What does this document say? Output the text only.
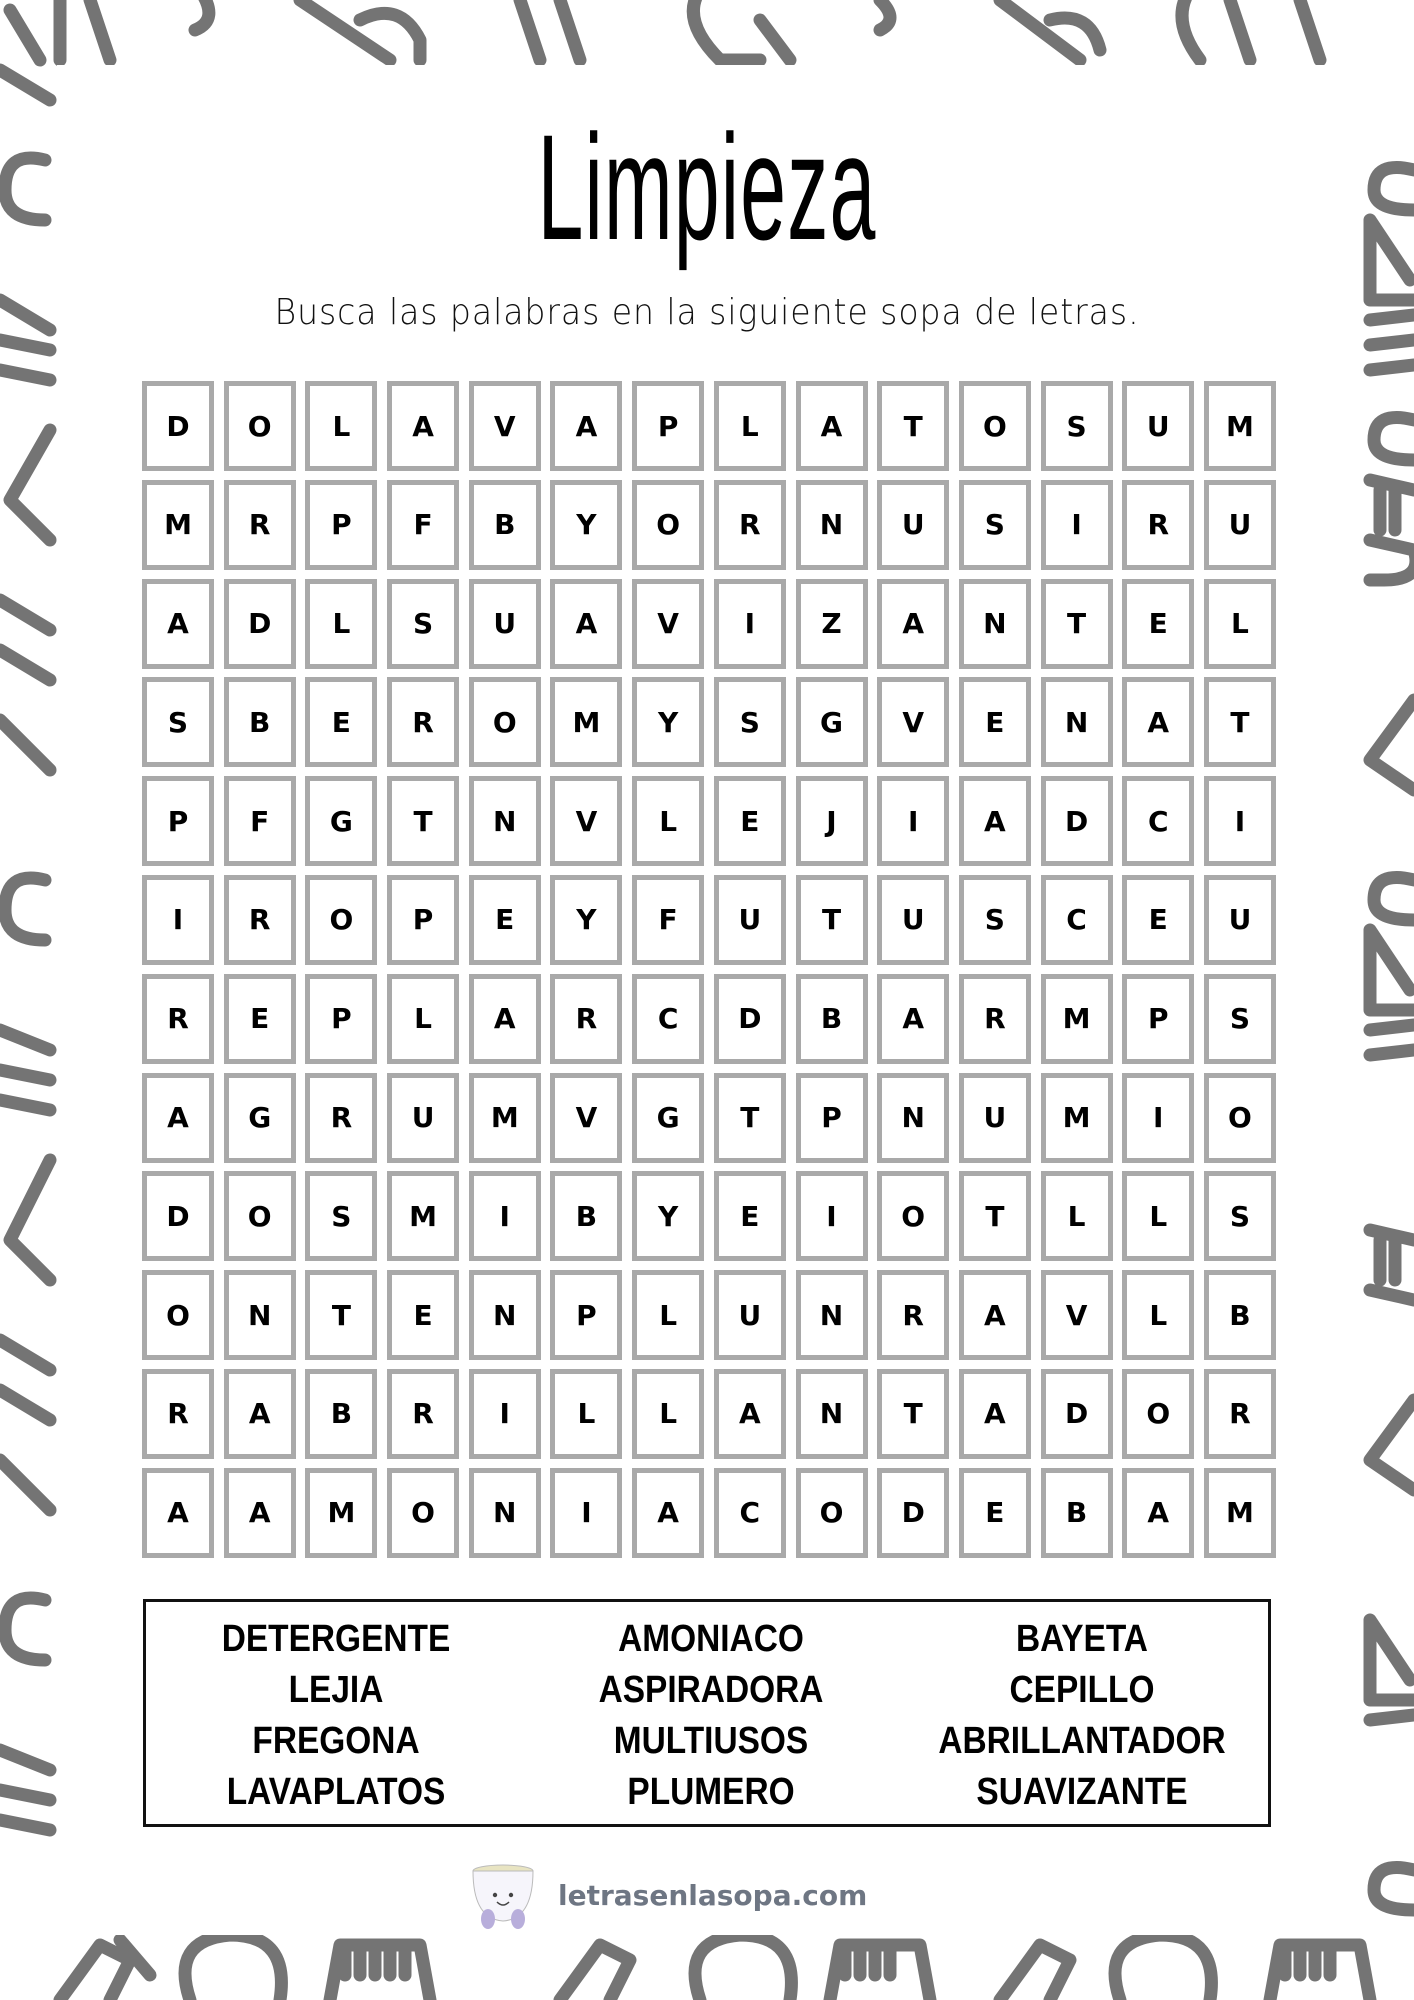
Limpieza
Busca las palabras en la siguiente sopa de letras.
D	O	L	A	V	A	P	L	A	T	O	S	U	M
M	R	P	F	B	Y	O	R	N	U	S	I	R	U
A	D	L	S	U	A	V	I	Z	A	N	T	E	L
S	B	E	R	O	M	Y	S	G	V	E	N	A	T
P	F	G	T	N	V	L	E	J	I	A	D	C	I
I	R	O	P	E	Y	F	U	T	U	S	C	E	U
R	E	P	L	A	R	C	D	B	A	R	M	P	S
A	G	R	U	M	V	G	T	P	N	U	M	I	O
D	O	S	M	I	B	Y	E	I	O	T	L	L	S
O	N	T	E	N	P	L	U	N	R	A	V	L	B
R	A	B	R	I	L	L	A	N	T	A	D	O	R
A	A	M	O	N	I	A	C	O	D	E	B	A	M
DETERGENTE	AMONIACO	BAYETA
LEJIA	ASPIRADORA	CEPILLO
FREGONA	MULTIUSOS	ABRILLANTADOR
LAVAPLATOS	PLUMERO	SUAVIZANTE
letrasenlasopa.com
